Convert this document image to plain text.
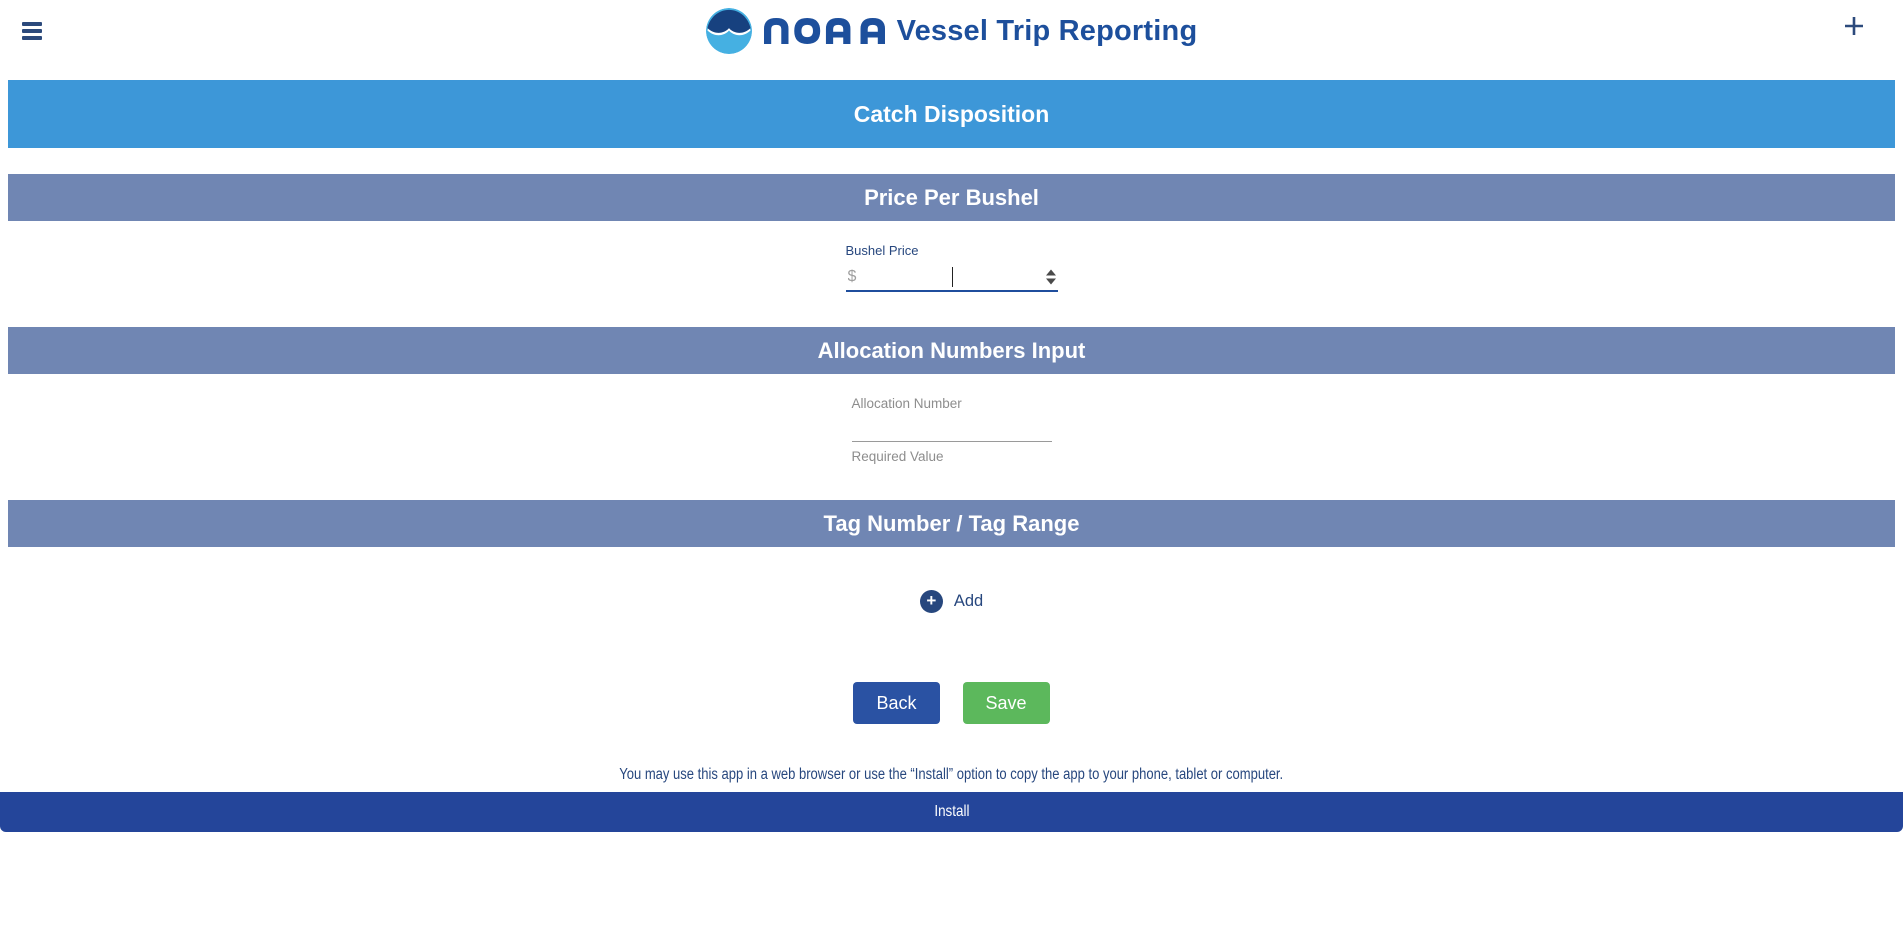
Vessel Trip Reporting
Catch Disposition
Price Per Bushel
Bushel Price
$
Allocation Numbers Input
Allocation Number
Required Value
Tag Number / Tag Range
+	Add
Back	Save
You may use this app in a web browser or use the “Install” option to copy the app to your phone, tablet or computer.
Install
